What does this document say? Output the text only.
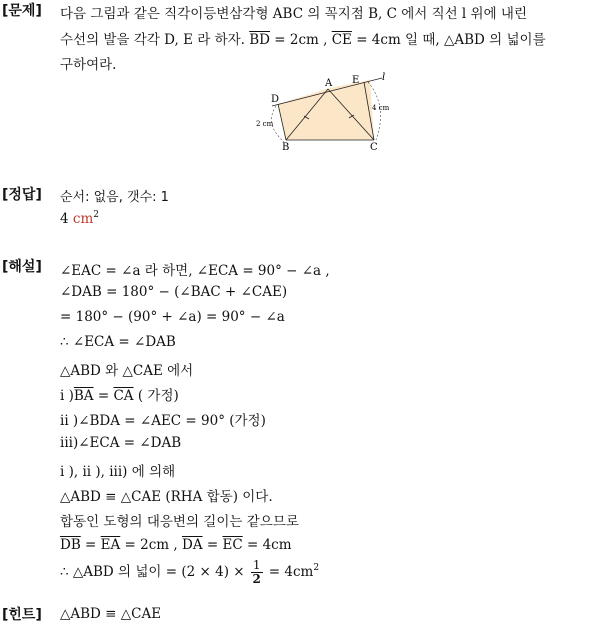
[문제] 다음 그림과 같은 직각이등변삼각형 ABC 의 꼭지점 B, C 에서 직선 l 위에 내린
수선의 발을 각각 D, E 라 하자. $\overline{BD} = 2cm$ , $\overline{CE} = 4cm$ 일 때, △ABD 의 넓이를
구하여라.
D
A E l
B	C
2 cm
4 cm
[정답] 순서: 없음, 갯수: 1
4 $cm^2$
[해설] ∠EAC = ∠a 라 하면, ∠ECA = 90° − ∠a ,
∠DAB = 180° − (∠BAC + ∠CAE)
= 180° − (90° + ∠a) = 90° − ∠a
∴ ∠ECA = ∠DAB
△ABD 와 △CAE 에서
i )$\overline{BA} = \overline{CA}$ ( 가정)
ii )∠BDA = ∠AEC = 90° (가정)
iii)∠ECA = ∠DAB
i ), ii ), iii) 에 의해
△ABD ≡ △CAE (RHA 합동) 이다.
합동인 도형의 대응변의 길이는 같으므로
$\overline{DB} = \overline{EA} = 2cm$ , $\overline{DA} = \overline{EC} = 4cm$
∴ △ABD 의 넓이 = $(2 \times 4) \times \frac{1}{2} = 4cm^2$
[힌트] △ABD ≡ △CAE
